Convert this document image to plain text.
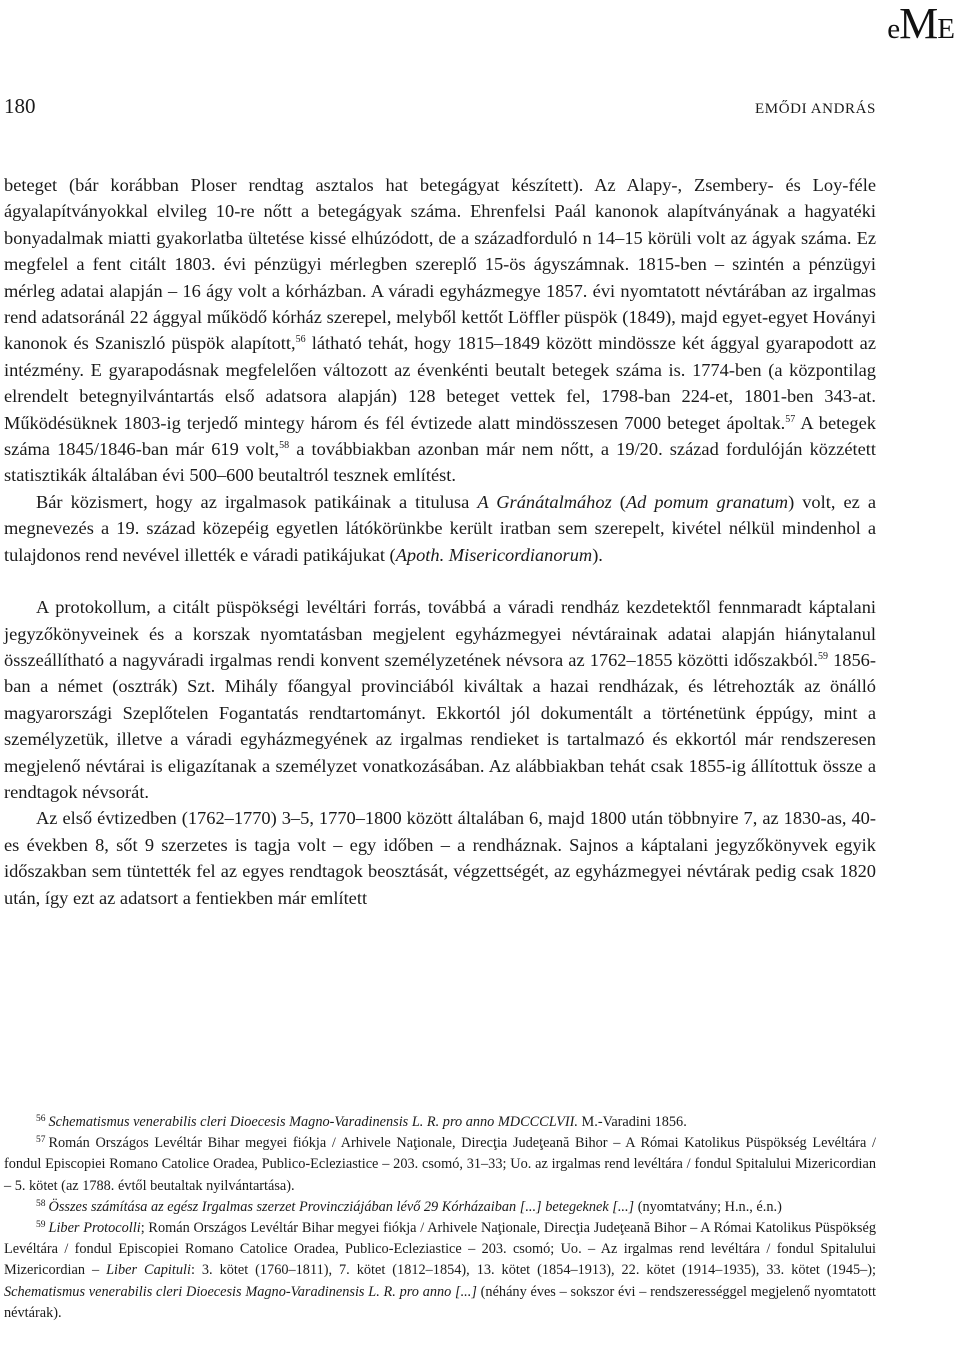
eME
180	EMŐDI ANDRÁS

beteget (bár korábban Ploser rendtag asztalos hat betegágyat készített). Az Alapy-, Zsembery- és Loy-féle ágyalapítványokkal elvileg 10-re nőtt a betegágyak száma. Ehrenfelsi Paál kanonok alapítványának a hagyatéki bonyadalmak miatti gyakorlatba ültetése kissé elhúzódott, de a századforduló n 14–15 körüli volt az ágyak száma. Ez megfelel a fent citált 1803. évi pénzügyi mérlegben szereplő 15-ös ágyszámnak. 1815-ben – szintén a pénzügyi mérleg adatai alapján – 16 ágy volt a kórházban. A váradi egyházmegye 1857. évi nyomtatott névtárában az irgalmas rend adatsoránál 22 ággyal működő kórház szerepel, melyből kettőt Löffler püspök (1849), majd egyet-egyet Hoványi kanonok és Szaniszló püspök alapított,$^{56}$ látható tehát, hogy 1815–1849 között mindössze két ággyal gyarapodott az intézmény. E gyarapodásnak megfelelően változott az évenkénti beutalt betegek száma is. 1774-ben (a központilag elrendelt betegnyilvántartás első adatsora alapján) 128 beteget vettek fel, 1798-ban 224-et, 1801-ben 343-at. Működésüknek 1803-ig terjedő mintegy három és fél évtizede alatt mindösszesen 7000 beteget ápoltak.$^{57}$ A betegek száma 1845/1846-ban már 619 volt,$^{58}$ a továbbiakban azonban már nem nőtt, a 19/20. század fordulóján közzétett statisztikák általában évi 500–600 beutaltról tesznek említést.

Bár közismert, hogy az irgalmasok patikáinak a titulusa A Gránátalmához (Ad pomum granatum) volt, ez a megnevezés a 19. század közepéig egyetlen látókörünkbe került iratban sem szerepelt, kivétel nélkül mindenhol a tulajdonos rend nevével illették e váradi patikájukat (Apoth. Misericordianorum).

A protokollum, a citált püspökségi levéltári forrás, továbbá a váradi rendház kezdetektől fennmaradt káptalani jegyzőkönyveinek és a korszak nyomtatásban megjelent egyházmegyei névtárainak adatai alapján hiánytalanul összeállítható a nagyváradi irgalmas rendi konvent személyzetének névsora az 1762–1855 közötti időszakból.$^{59}$ 1856-ban a német (osztrák) Szt. Mihály főangyal provinciából kiváltak a hazai rendházak, és létrehozták az önálló magyarországi Szeplőtelen Fogantatás rendtartományt. Ekkortól jól dokumentált a történetünk éppúgy, mint a személyzetük, illetve a váradi egyházmegyének az irgalmas rendieket is tartalmazó és ekkortól már rendszeresen megjelenő névtárai is eligazítanak a személyzet vonatkozásában. Az alábbiakban tehát csak 1855-ig állítottuk össze a rendtagok névsorát.

Az első évtizedben (1762–1770) 3–5, 1770–1800 között általában 6, majd 1800 után többnyire 7, az 1830-as, 40-es években 8, sőt 9 szerzetes is tagja volt – egy időben – a rendháznak. Sajnos a káptalani jegyzőkönyvek egyik időszakban sem tüntették fel az egyes rendtagok beosztását, végzettségét, az egyházmegyei névtárak pedig csak 1820 után, így ezt az adatsort a fentiekben már említett

$^{56}$ Schematismus venerabilis cleri Dioecesis Magno-Varadinensis L. R. pro anno MDCCCLVII. M.-Varadini 1856.

$^{57}$ Román Országos Levéltár Bihar megyei fiókja / Arhivele Naţionale, Direcţia Judeţeană Bihor – A Római Katolikus Püspökség Levéltára / fondul Episcopiei Romano Catolice Oradea, Publico-Ecleziastice – 203. csomó, 31–33; Uo. az irgalmas rend levéltára / fondul Spitalului Mizericordian – 5. kötet (az 1788. évtől beutaltak nyilvántartása).

$^{58}$ Összes számítása az egész Irgalmas szerzet Provincziájában lévő 29 Kórházaiban [...] betegeknek [...] (nyomtatvány; H.n., é.n.)

$^{59}$ Liber Protocolli; Román Országos Levéltár Bihar megyei fiókja / Arhivele Naţionale, Direcţia Judeţeană Bihor – A Római Katolikus Püspökség Levéltára / fondul Episcopiei Romano Catolice Oradea, Publico-Ecleziastice – 203. csomó; Uo. – Az irgalmas rend levéltára / fondul Spitalului Mizericordian – Liber Capituli: 3. kötet (1760–1811), 7. kötet (1812–1854), 13. kötet (1854–1913), 22. kötet (1914–1935), 33. kötet (1945–); Schematismus venerabilis cleri Dioecesis Magno-Varadinensis L. R. pro anno [...] (néhány éves – sokszor évi – rendszerességgel megjelenő nyomtatott névtárak).
